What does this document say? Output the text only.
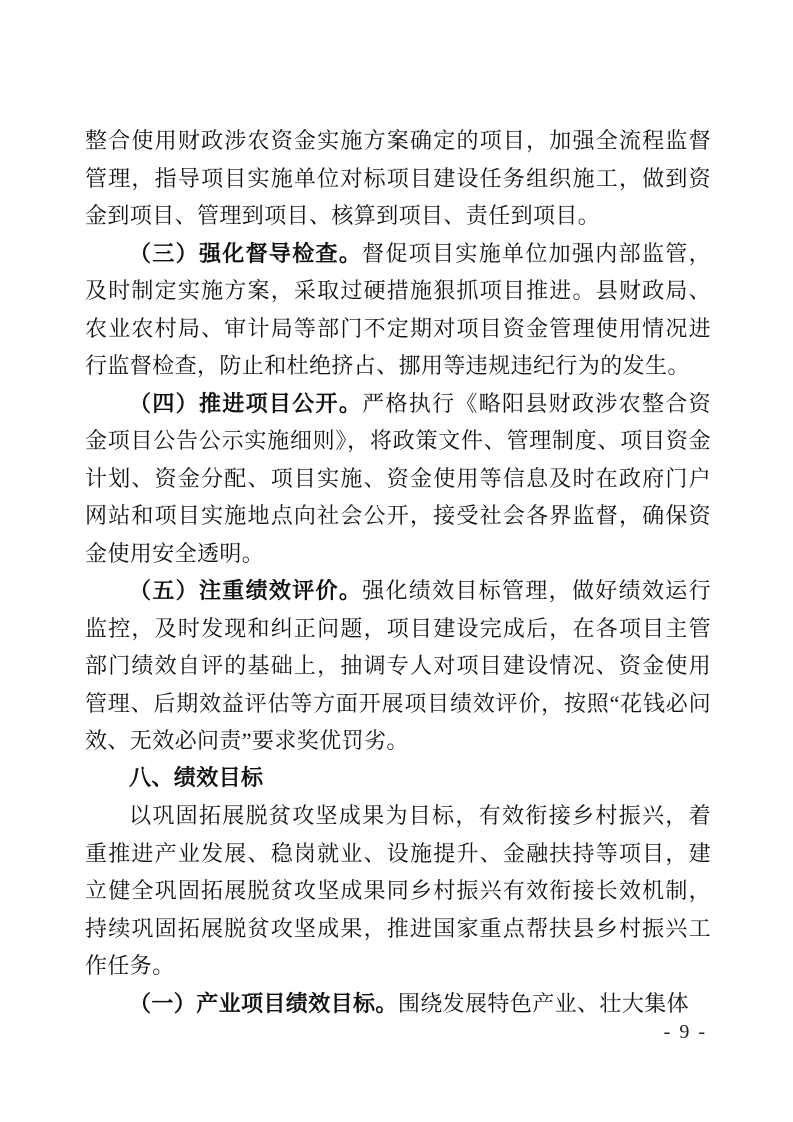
整合使用财政涉农资金实施方案确定的项目，加强全流程监督管理，指导项目实施单位对标项目建设任务组织施工，做到资金到项目、管理到项目、核算到项目、责任到项目。

（三）强化督导检查。督促项目实施单位加强内部监管，及时制定实施方案，采取过硬措施狠抓项目推进。县财政局、农业农村局、审计局等部门不定期对项目资金管理使用情况进行监督检查，防止和杜绝挤占、挪用等违规违纪行为的发生。

（四）推进项目公开。严格执行《略阳县财政涉农整合资金项目公告公示实施细则》，将政策文件、管理制度、项目资金计划、资金分配、项目实施、资金使用等信息及时在政府门户网站和项目实施地点向社会公开，接受社会各界监督，确保资金使用安全透明。

（五）注重绩效评价。强化绩效目标管理，做好绩效运行监控，及时发现和纠正问题，项目建设完成后，在各项目主管部门绩效自评的基础上，抽调专人对项目建设情况、资金使用管理、后期效益评估等方面开展项目绩效评价，按照“花钱必问效、无效必问责”要求奖优罚劣。

八、绩效目标

以巩固拓展脱贫攻坚成果为目标，有效衔接乡村振兴，着重推进产业发展、稳岗就业、设施提升、金融扶持等项目，建立健全巩固拓展脱贫攻坚成果同乡村振兴有效衔接长效机制，持续巩固拓展脱贫攻坚成果，推进国家重点帮扶县乡村振兴工作任务。

（一）产业项目绩效目标。围绕发展特色产业、壮大集体

- 9 -
